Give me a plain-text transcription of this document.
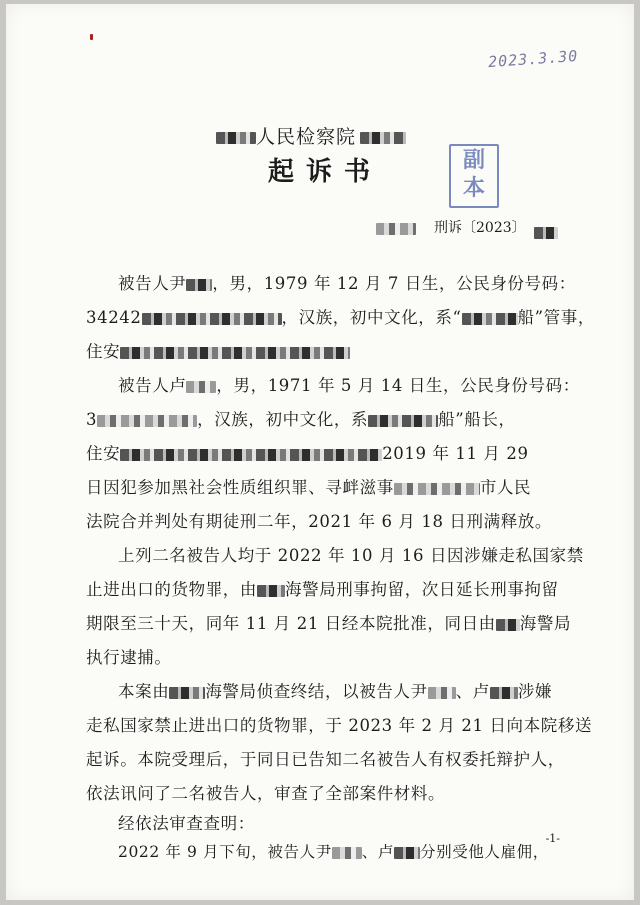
2023.3.30
人民检察院
起诉书	副
本
刑诉〔2023〕
被告人尹 ，男，1979 年 12 月 7 日生，公民身份号码：
34242	，汉族，初中文化，系“	船”管事，
住安
被告人卢 ，男，1971 年 5 月 14 日生，公民身份号码：
3	，汉族，初中文化，系	船”船长，
住安	2019 年 11 月 29
日因犯参加黑社会性质组织罪、寻衅滋事	市人民
法院合并判处有期徒刑二年，2021 年 6 月 18 日刑满释放。
上列二名被告人均于 2022 年 10 月 16 日因涉嫌走私国家禁
止进出口的货物罪，由 海警局刑事拘留，次日延长刑事拘留
期限至三十天，同年 11 月 21 日经本院批准，同日由 海警局
执行逮捕。
本案由 海警局侦查终结，以被告人尹 、卢 涉嫌
走私国家禁止进出口的货物罪，于 2023 年 2 月 21 日向本院移送
起诉。本院受理后，于同日已告知二名被告人有权委托辩护人，
依法讯问了二名被告人，审查了全部案件材料。
经依法审查查明：
2022 年 9 月下旬，被告人尹 、卢 分别受他人雇佣，
-1-
